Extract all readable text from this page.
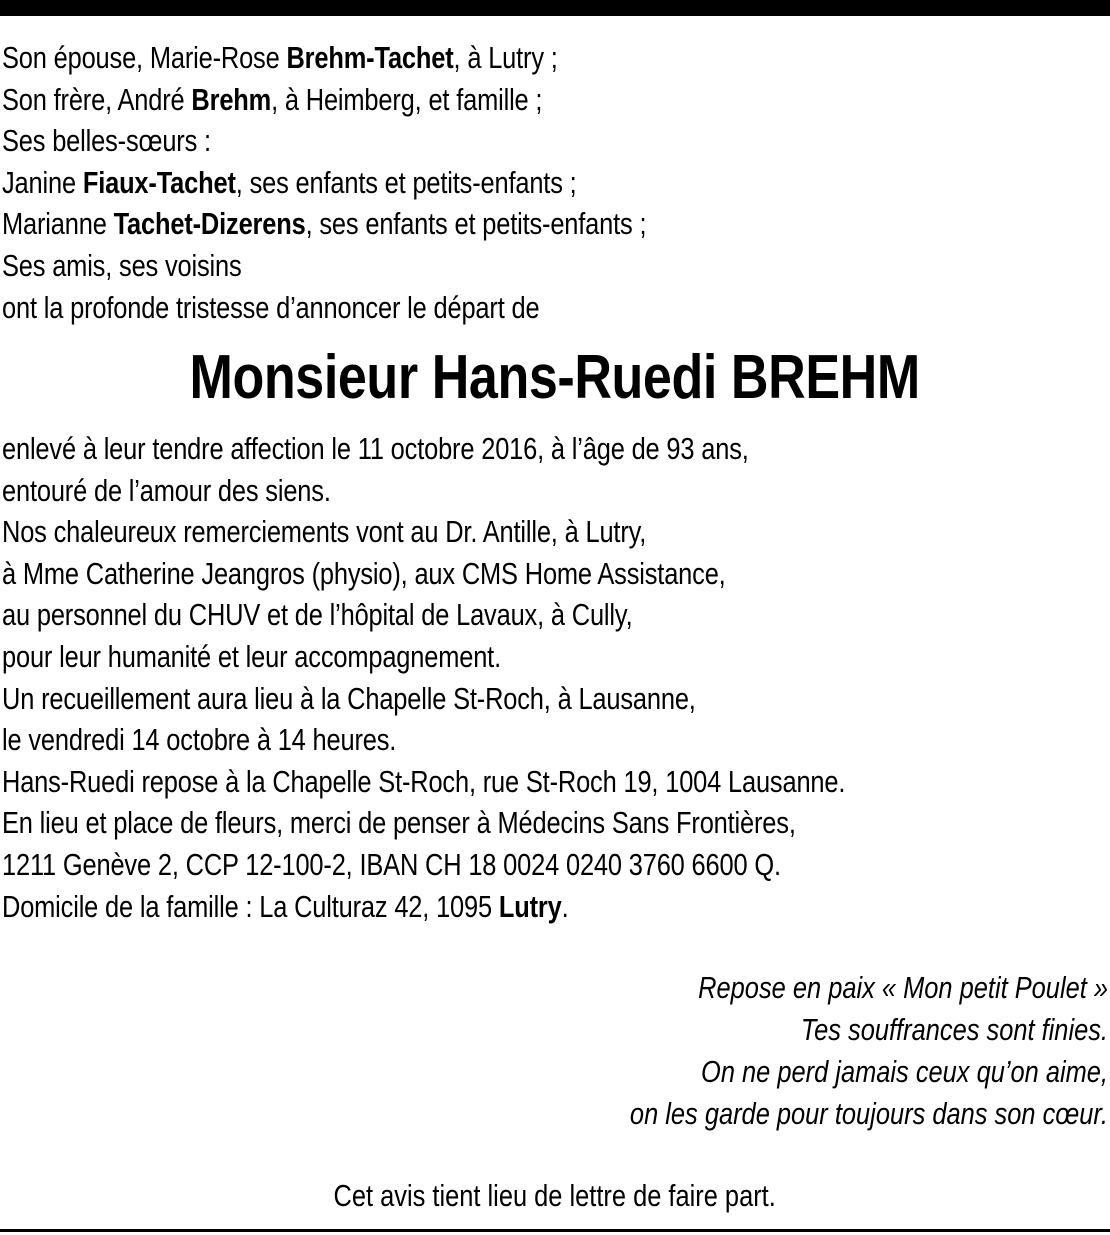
Son épouse, Marie-Rose Brehm-Tachet, à Lutry ;
Son frère, André Brehm, à Heimberg, et famille ;
Ses belles-sœurs :
Janine Fiaux-Tachet, ses enfants et petits-enfants ;
Marianne Tachet-Dizerens, ses enfants et petits-enfants ;
Ses amis, ses voisins
ont la profonde tristesse d’annoncer le départ de
Monsieur Hans-Ruedi BREHM
enlevé à leur tendre affection le 11 octobre 2016, à l’âge de 93 ans,
entouré de l’amour des siens.
Nos chaleureux remerciements vont au Dr. Antille, à Lutry,
à Mme Catherine Jeangros (physio), aux CMS Home Assistance,
au personnel du CHUV et de l’hôpital de Lavaux, à Cully,
pour leur humanité et leur accompagnement.
Un recueillement aura lieu à la Chapelle St-Roch, à Lausanne,
le vendredi 14 octobre à 14 heures.
Hans-Ruedi repose à la Chapelle St-Roch, rue St-Roch 19, 1004 Lausanne.
En lieu et place de fleurs, merci de penser à Médecins Sans Frontières,
1211 Genève 2, CCP 12-100-2, IBAN CH 18 0024 0240 3760 6600 Q.
Domicile de la famille : La Culturaz 42, 1095 Lutry.
Repose en paix « Mon petit Poulet »
Tes souffrances sont finies.
On ne perd jamais ceux qu’on aime,
on les garde pour toujours dans son cœur.
Cet avis tient lieu de lettre de faire part.
